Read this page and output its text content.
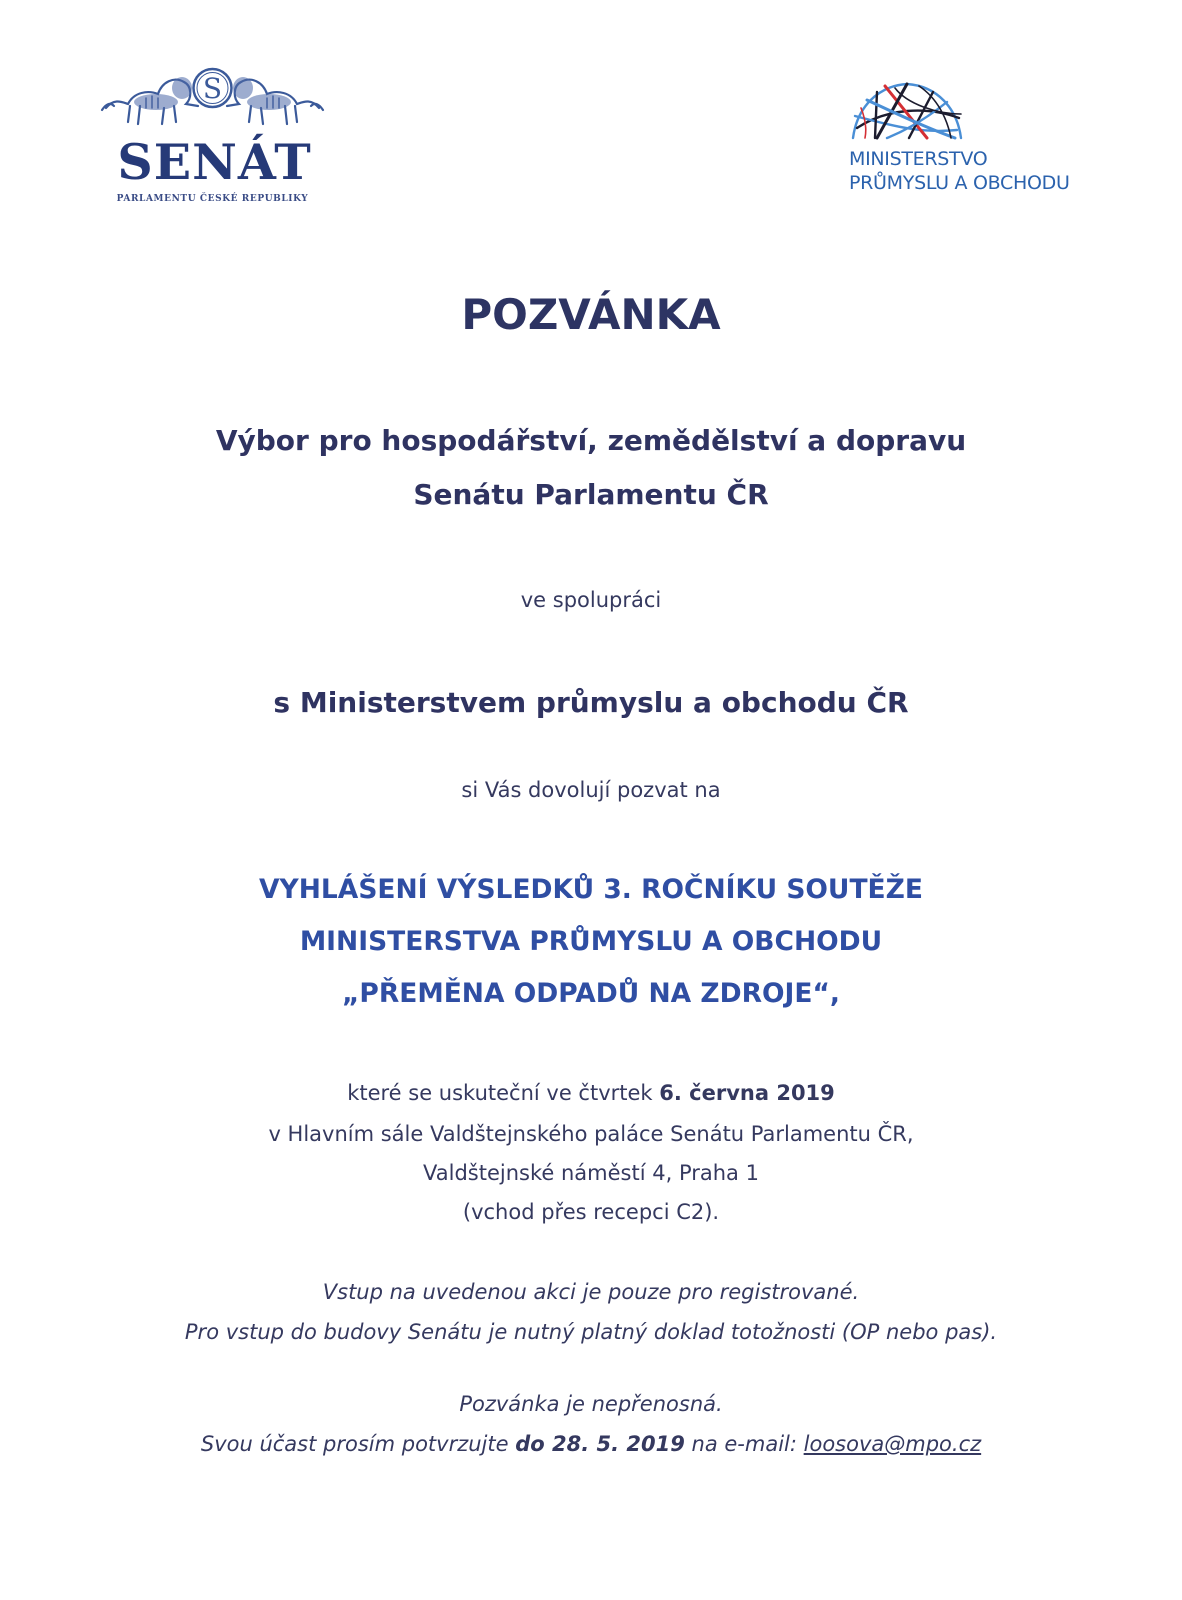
S
SENÁT
PARLAMENTU ČESKÉ REPUBLIKY
MINISTERSTVO
PRŮMYSLU A OBCHODU
POZVÁNKA
Výbor pro hospodářství, zemědělství a dopravu
Senátu Parlamentu ČR
ve spolupráci
s Ministerstvem průmyslu a obchodu ČR
si Vás dovolují pozvat na
VYHLÁŠENÍ VÝSLEDKŮ 3. ROČNÍKU SOUTĚŽE
MINISTERSTVA PRŮMYSLU A OBCHODU
„PŘEMĚNA ODPADŮ NA ZDROJE“,
které se uskuteční ve čtvrtek 6. června 2019
v Hlavním sále Valdštejnského paláce Senátu Parlamentu ČR,
Valdštejnské náměstí 4, Praha 1
(vchod přes recepci C2).
Vstup na uvedenou akci je pouze pro registrované.
Pro vstup do budovy Senátu je nutný platný doklad totožnosti (OP nebo pas).
Pozvánka je nepřenosná.
Svou účast prosím potvrzujte do 28. 5. 2019 na e-mail: loosova@mpo.cz
